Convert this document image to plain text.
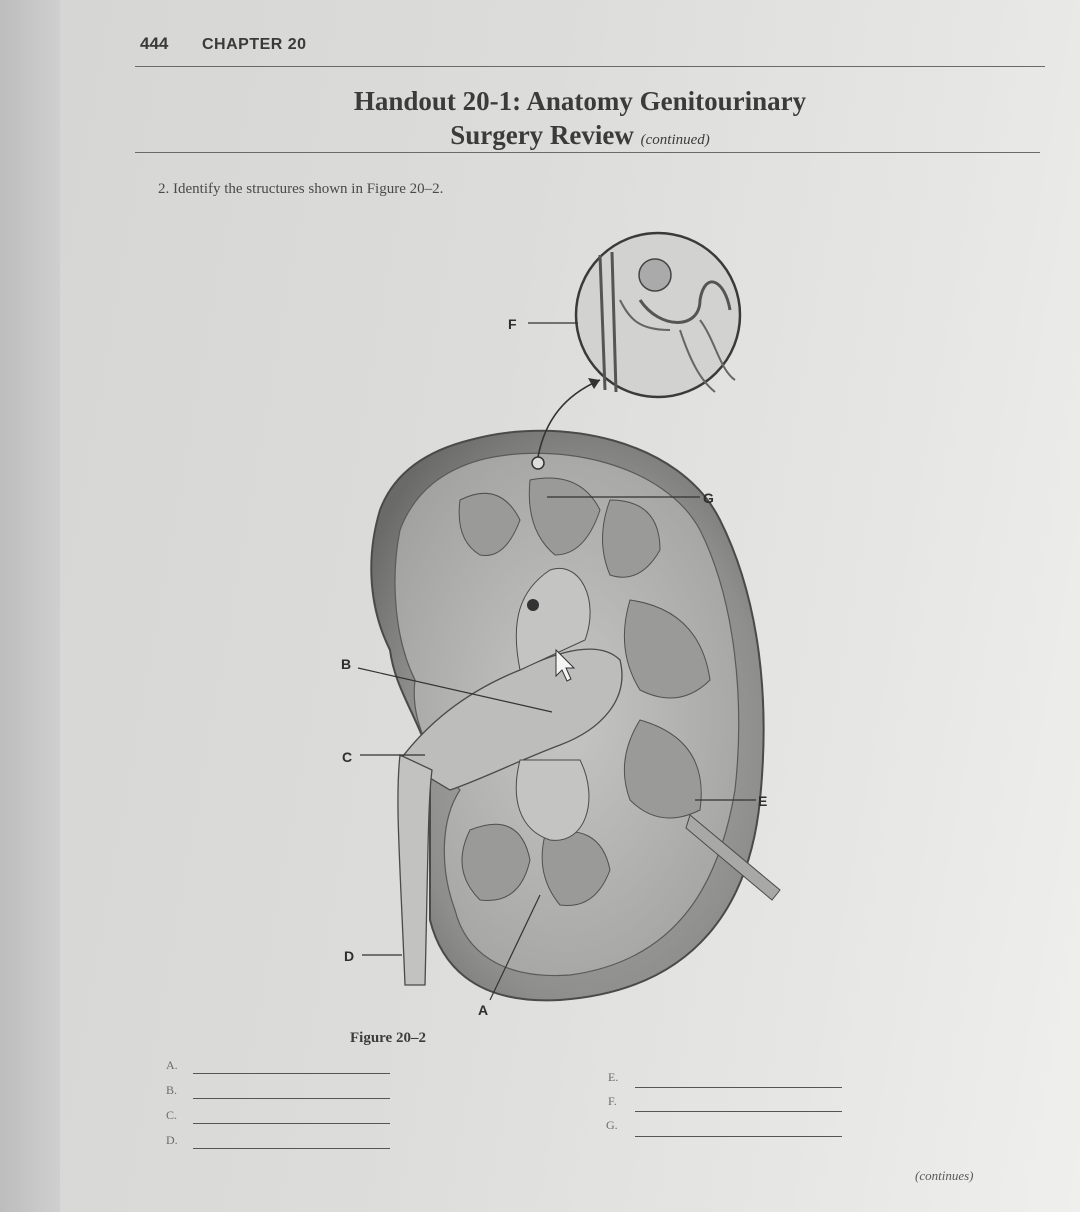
444 CHAPTER 20
Handout 20-1: Anatomy Genitourinary
Surgery Review (continued)
2. Identify the structures shown in Figure 20–2.
F
G
B
C
E
D
A
Figure 20–2
A.
B.
C.
D.
E.
F.
G.
(continues)
